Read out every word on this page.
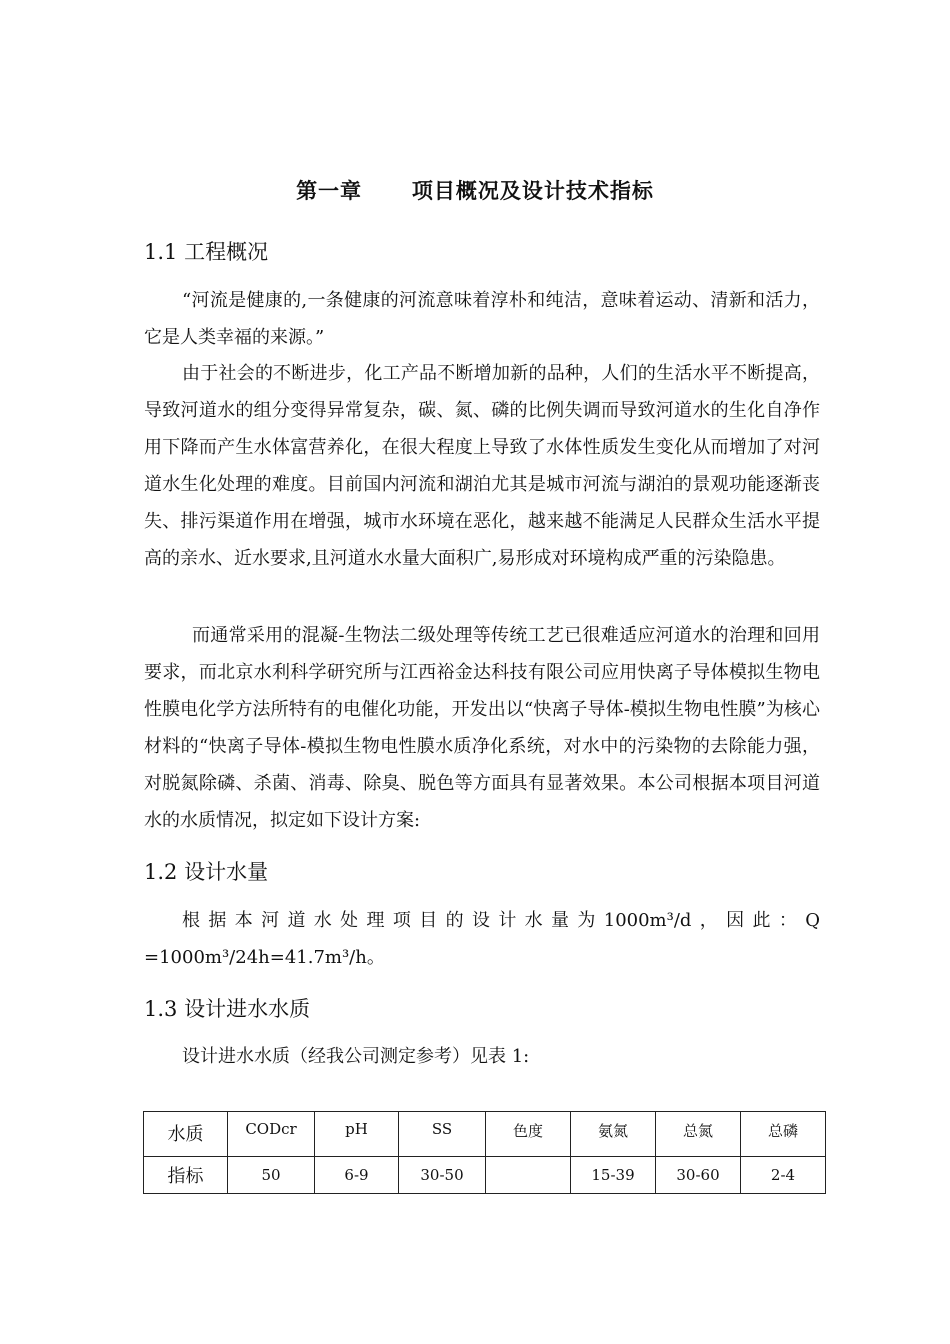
第一章      项目概况及设计技术指标
1.1 工程概况

“河流是健康的,一条健康的河流意味着淳朴和纯洁，意味着运动、清新和活力，它是人类幸福的来源。”

由于社会的不断进步，化工产品不断增加新的品种，人们的生活水平不断提高，导致河道水的组分变得异常复杂，碳、氮、磷的比例失调而导致河道水的生化自净作用下降而产生水体富营养化，在很大程度上导致了水体性质发生变化从而增加了对河道水生化处理的难度。目前国内河流和湖泊尤其是城市河流与湖泊的景观功能逐渐丧失、排污渠道作用在增强，城市水环境在恶化，越来越不能满足人民群众生活水平提高的亲水、近水要求,且河道水水量大面积广,易形成对环境构成严重的污染隐患。

而通常采用的混凝-生物法二级处理等传统工艺已很难适应河道水的治理和回用要求，而北京水利科学研究所与江西裕金达科技有限公司应用快离子导体模拟生物电性膜电化学方法所特有的电催化功能，开发出以“快离子导体-模拟生物电性膜”为核心材料的“快离子导体-模拟生物电性膜水质净化系统，对水中的污染物的去除能力强，对脱氮除磷、杀菌、消毒、除臭、脱色等方面具有显著效果。本公司根据本项目河道水的水质情况，拟定如下设计方案:

1.2 设计水量
根 据 本 河 道 水 处 理 项 目 的 设 计 水 量 为 1000m³/d ， 因 此 ： Q
=1000m³/24h=41.7m³/h。
1.3 设计进水水质
设计进水水质（经我公司测定参考）见表 1:
水质	CODcr	pH	SS	色度	氨氮	总氮	总磷
指标	50	6-9	30-50		15-39	30-60	2-4
